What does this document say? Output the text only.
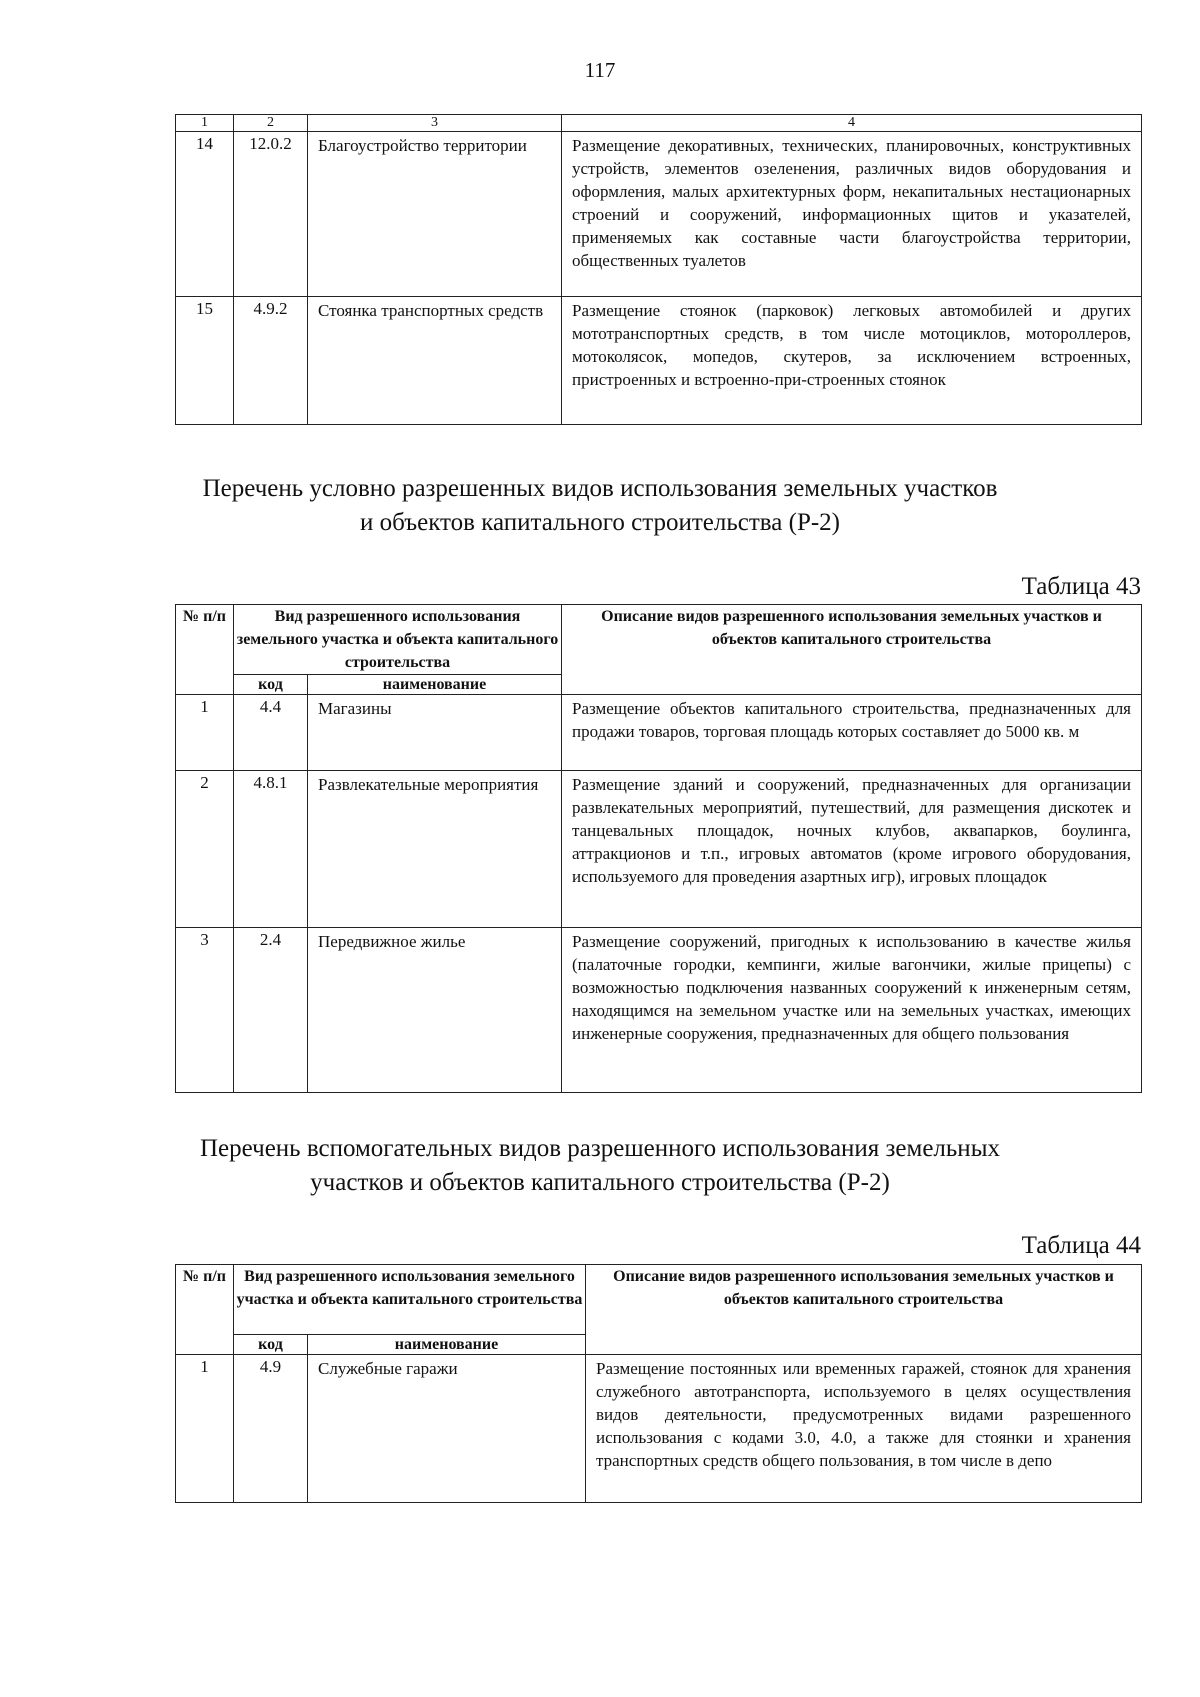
117
1	2	3	4
14	12.0.2	Благоустройство территории	Размещение декоративных, технических, планировочных, конструктивных устройств, элементов озеленения, различных видов оборудования и оформления, малых архитектурных форм, некапитальных нестационарных строений и сооружений, информационных щитов и указателей, применяемых как составные части благоустройства территории, общественных туалетов
15	4.9.2	Стоянка транспортных средств	Размещение стоянок (парковок) легковых автомобилей и других мототранспортных средств, в том числе мотоциклов, мотороллеров, мотоколясок, мопедов, скутеров, за исключением встроенных, пристроенных и встроенно-при-строенных стоянок
Перечень условно разрешенных видов использования земельных участков
и объектов капитального строительства (Р-2)
Таблица 43
№ п/п	Вид разрешенного использования земельного участка и объекта капитального строительства		Описание видов разрешенного использования земельных участков и объектов капитального строительства
	код	наименование	
1	4.4	Магазины	Размещение объектов капитального строительства, предназначенных для продажи товаров, торговая площадь которых составляет до 5000 кв. м
2	4.8.1	Развлекательные мероприятия	Размещение зданий и сооружений, предназначенных для организации развлекательных мероприятий, путешествий, для размещения дискотек и танцевальных площадок, ночных клубов, аквапарков, боулинга, аттракционов и т.п., игровых автоматов (кроме игрового оборудования, используемого для проведения азартных игр), игровых площадок
3	2.4	Передвижное жилье	Размещение сооружений, пригодных к использованию в качестве жилья (палаточные городки, кемпинги, жилые вагончики, жилые прицепы) с возможностью подключения названных сооружений к инженерным сетям, находящимся на земельном участке или на земельных участках, имеющих инженерные сооружения, предназначенных для общего пользования
Перечень вспомогательных видов разрешенного использования земельных
участков и объектов капитального строительства (Р-2)
Таблица 44
№ п/п	Вид разрешенного использования земельного участка и объекта капитального строительства		Описание видов разрешенного использования земельных участков и объектов капитального строительства
	код	наименование	
1	4.9	Служебные гаражи	Размещение постоянных или временных гаражей, стоянок для хранения служебного автотранспорта, используемого в целях осуществления видов деятельности, предусмотренных видами разрешенного использования с кодами 3.0, 4.0, а также для стоянки и хранения транспортных средств общего пользования, в том числе в депо
